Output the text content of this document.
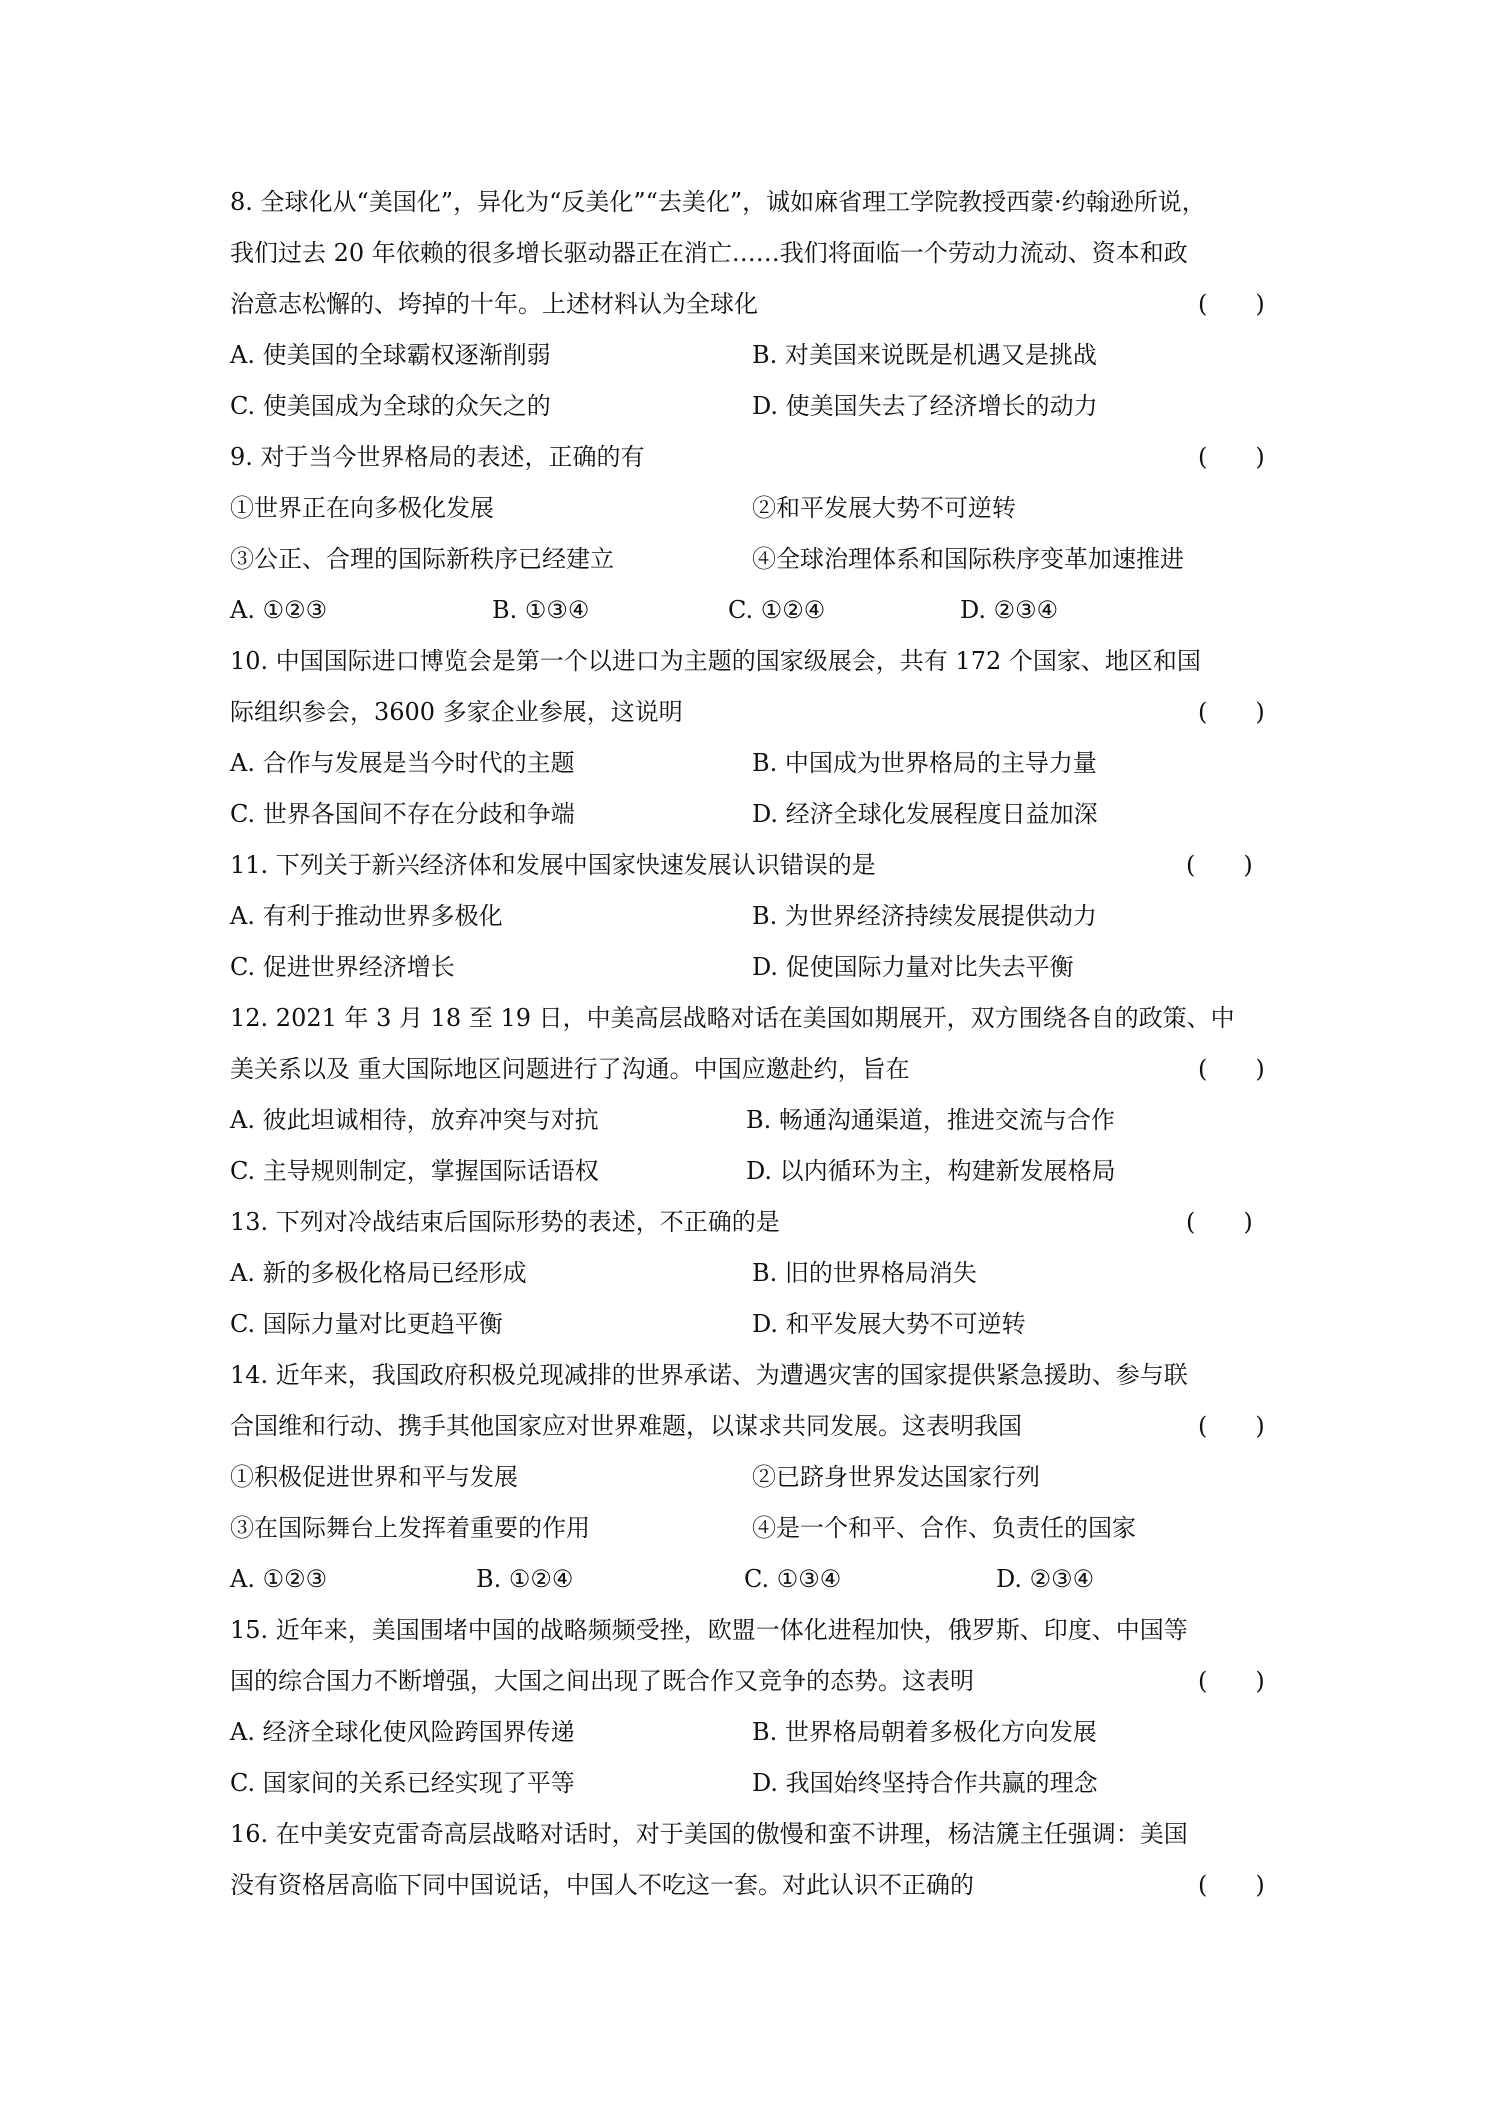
8. 全球化从“美国化”，异化为“反美化”“去美化”，诚如麻省理工学院教授西蒙·约翰逊所说，
我们过去 20 年依赖的很多增长驱动器正在消亡……我们将面临一个劳动力流动、资本和政
治意志松懈的、垮掉的十年。上述材料认为全球化	(　　)
A. 使美国的全球霸权逐渐削弱	B. 对美国来说既是机遇又是挑战
C. 使美国成为全球的众矢之的	D. 使美国失去了经济增长的动力
9. 对于当今世界格局的表述，正确的有	(　　)
①世界正在向多极化发展	②和平发展大势不可逆转
③公正、合理的国际新秩序已经建立	④全球治理体系和国际秩序变革加速推进
A. ①②③	B. ①③④	C. ①②④	D. ②③④
10. 中国国际进口博览会是第一个以进口为主题的国家级展会，共有 172 个国家、地区和国
际组织参会，3600 多家企业参展，这说明	(　　)
A. 合作与发展是当今时代的主题	B. 中国成为世界格局的主导力量
C. 世界各国间不存在分歧和争端	D. 经济全球化发展程度日益加深
11. 下列关于新兴经济体和发展中国家快速发展认识错误的是	(　　)
A. 有利于推动世界多极化	B. 为世界经济持续发展提供动力
C. 促进世界经济增长	D. 促使国际力量对比失去平衡
12. 2021 年 3 月 18 至 19 日，中美高层战略对话在美国如期展开，双方围绕各自的政策、中
美关系以及 重大国际地区问题进行了沟通。中国应邀赴约，旨在	(　　)
A. 彼此坦诚相待，放弃冲突与对抗	B. 畅通沟通渠道，推进交流与合作
C. 主导规则制定，掌握国际话语权	D. 以内循环为主，构建新发展格局
13. 下列对冷战结束后国际形势的表述，不正确的是	(　　)
A. 新的多极化格局已经形成	B. 旧的世界格局消失
C. 国际力量对比更趋平衡	D. 和平发展大势不可逆转
14. 近年来，我国政府积极兑现减排的世界承诺、为遭遇灾害的国家提供紧急援助、参与联
合国维和行动、携手其他国家应对世界难题，以谋求共同发展。这表明我国	(　　)
①积极促进世界和平与发展	②已跻身世界发达国家行列
③在国际舞台上发挥着重要的作用	④是一个和平、合作、负责任的国家
A. ①②③	B. ①②④	C. ①③④	D. ②③④
15. 近年来，美国围堵中国的战略频频受挫，欧盟一体化进程加快，俄罗斯、印度、中国等
国的综合国力不断增强，大国之间出现了既合作又竞争的态势。这表明	(　　)
A. 经济全球化使风险跨国界传递	B. 世界格局朝着多极化方向发展
C. 国家间的关系已经实现了平等	D. 我国始终坚持合作共赢的理念
16. 在中美安克雷奇高层战略对话时，对于美国的傲慢和蛮不讲理，杨洁篪主任强调：美国
没有资格居高临下同中国说话，中国人不吃这一套。对此认识不正确的	(　　)
